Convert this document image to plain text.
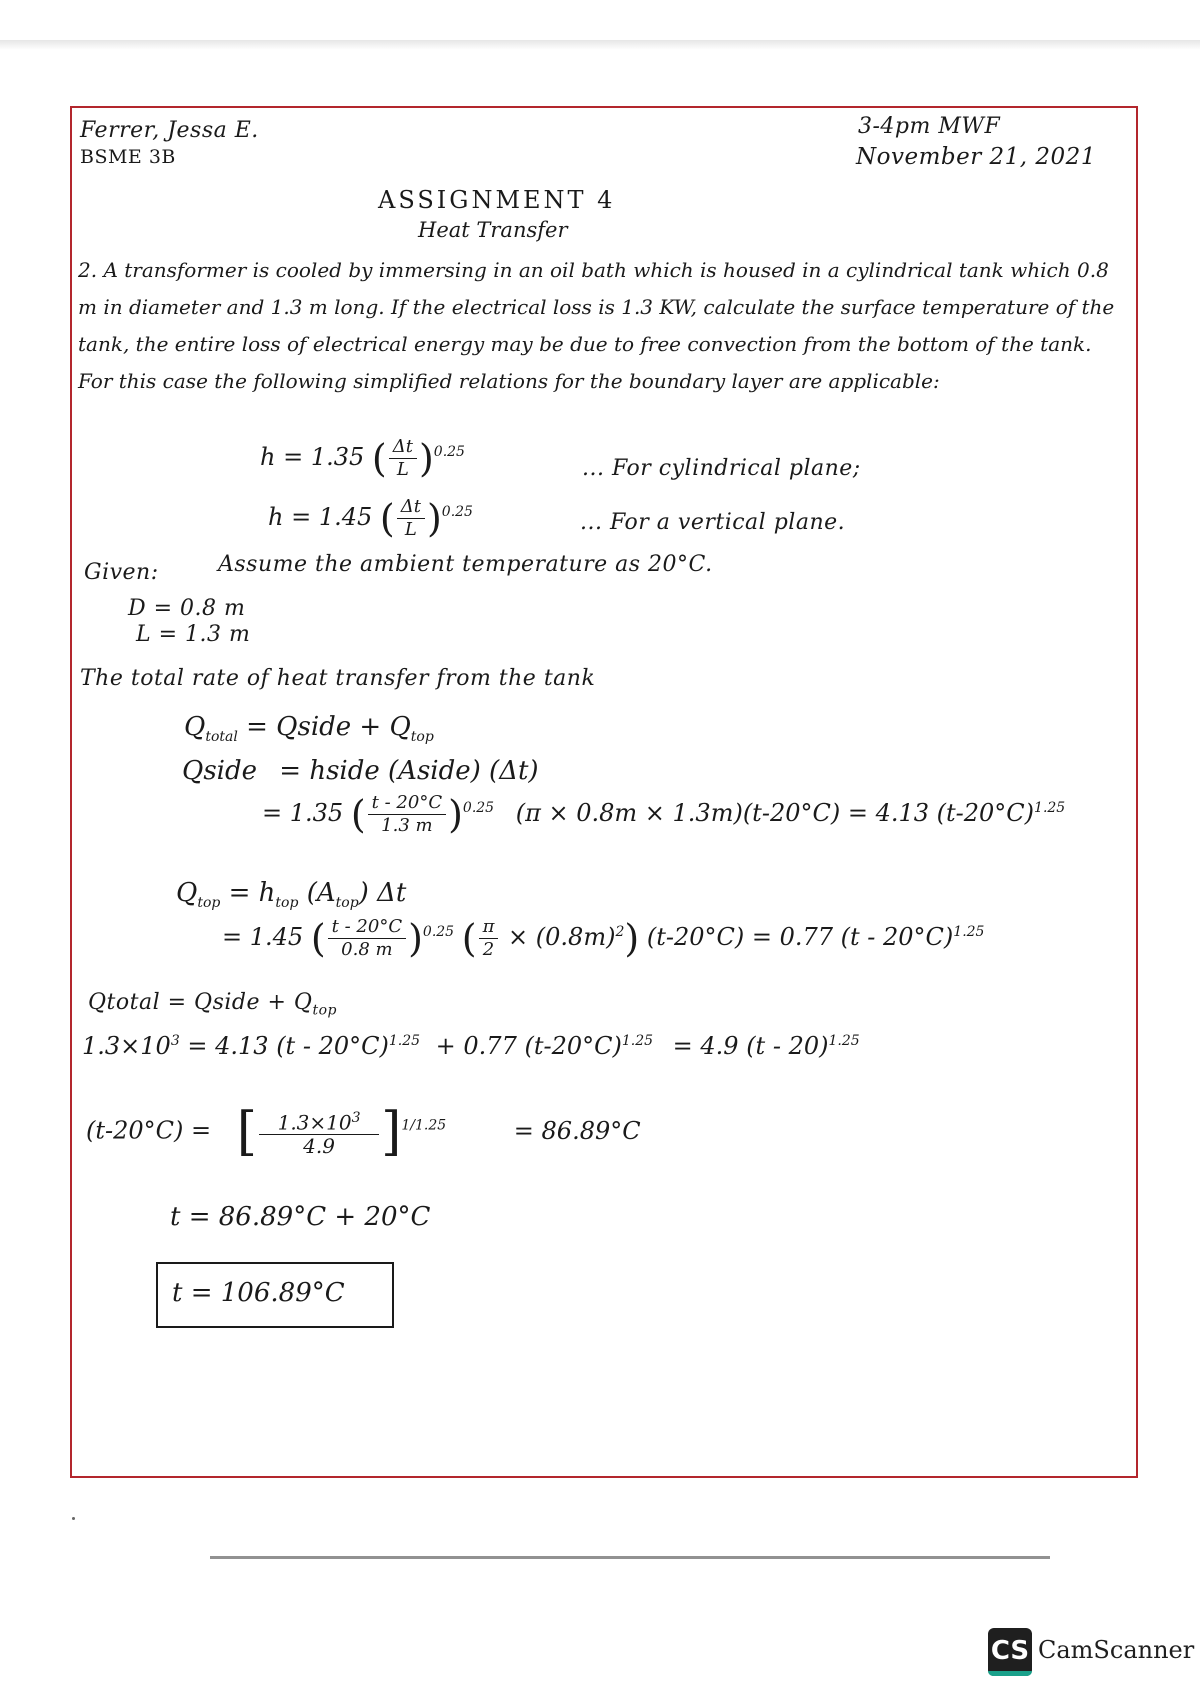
Ferrer, Jessa E.
BSME 3B
3-4pm MWF
November 21, 2021
ASSIGNMENT 4
Heat Transfer
2. A transformer is cooled by immersing in an oil bath which is housed in a cylindrical tank which 0.8 m in diameter and 1.3 m long. If the electrical loss is 1.3 KW, calculate the surface temperature of the tank, the entire loss of electrical energy may be due to free convection from the bottom of the tank. For this case the following simplified relations for the boundary layer are applicable:
h = 1.35 ( $\frac{\Delta t}{L} )^{0.25}$
... For cylindrical plane;
h = 1.45 ( $\frac{\Delta t}{L} )^{0.25}$	... For a vertical plane.
Assume the ambient temperature as 20°C.
Given:
D = 0.8 m
L = 1.3 m
The total rate of heat transfer from the tank
$Q_{total}$ = Qside + $Q_{top}$
Qside = hside (Aside) (Δt)
= 1.35 ( $\frac{t - 20^\circ C}{1.3 m} )^{0.25}$ (π × 0.8m × 1.3m)(t-20°C) = 4.13 $(t-20^\circ C)^{1.25}$
$Q_{top} = h_{top}$ $(A_{top})$ Δt
= 1.45 ( $\frac{t - 20^\circ C}{0.8 m} )^{0.25}$ ( $\frac{\pi}{2} \times (0.8m)^2$) (t-20°C) = 0.77 (t - 20°C)$^{1.25}$
Qtotal = Qside + $Q_{top}$
$1.3\times 10^3 = 4.13$ (t - 20°C)$^{1.25}$ + 0.77 $(t-20^\circ C)^{1.25} = 4.9$ (t - 20)$^{1.25}$
(t-20°C) = [ $\frac{1.3\times 10^3}{4.9} ]^{1/1.25}$	= 86.89°C
t = 86.89°C + 20°C
t = 106.89°C
CS CamScanner
